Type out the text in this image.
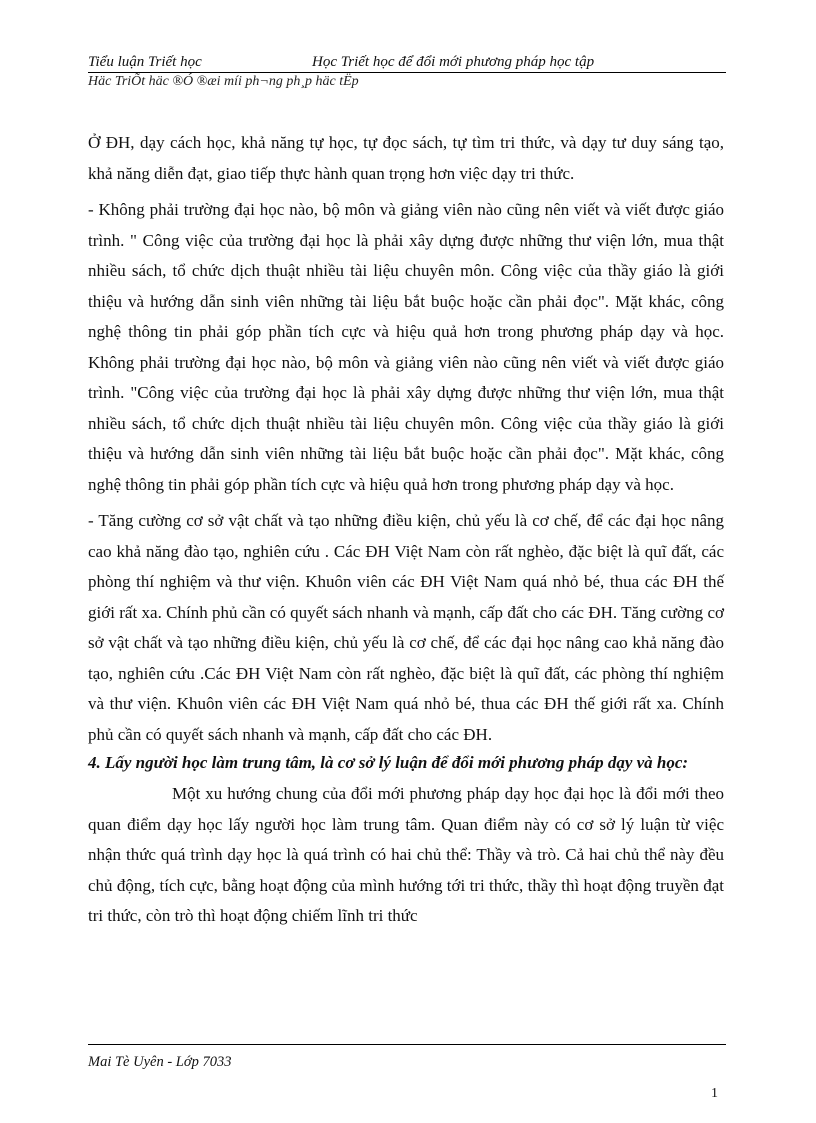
Tiểu luận Triết học	Học Triết học để đổi mới phương pháp học tập
Häc TriÕt häc ®Ó ®æi míi ph¬ng ph¸p häc tËp

Ở ĐH, dạy cách học, khả năng tự học, tự đọc sách, tự tìm tri thức, và dạy tư duy sáng tạo, khả năng diễn đạt, giao tiếp thực hành quan trọng hơn việc dạy tri thức.

- Không phải trường đại học nào, bộ môn và giảng viên nào cũng nên viết và viết được giáo trình. " Công việc của trường đại học là phải xây dựng được những thư viện lớn, mua thật nhiều sách, tổ chức dịch thuật nhiều tài liệu chuyên môn. Công việc của thầy giáo là giới thiệu và hướng dẫn sinh viên những tài liệu bắt buộc hoặc cần phải đọc". Mặt khác, công nghệ thông tin phải góp phần tích cực và hiệu quả hơn trong phương pháp dạy và học. Không phải trường đại học nào, bộ môn và giảng viên nào cũng nên viết và viết được giáo trình. "Công việc của trường đại học là phải xây dựng được những thư viện lớn, mua thật nhiều sách, tổ chức dịch thuật nhiều tài liệu chuyên môn. Công việc của thầy giáo là giới thiệu và hướng dẫn sinh viên những tài liệu bắt buộc hoặc cần phải đọc". Mặt khác, công nghệ thông tin phải góp phần tích cực và hiệu quả hơn trong phương pháp dạy và học.

- Tăng cường cơ sở vật chất và tạo những điều kiện, chủ yếu là cơ chế, để các đại học nâng cao khả năng đào tạo, nghiên cứu . Các ĐH Việt Nam còn rất nghèo, đặc biệt là quĩ đất, các phòng thí nghiệm và thư viện. Khuôn viên các ĐH Việt Nam quá nhỏ bé, thua các ĐH thế giới rất xa. Chính phủ cần có quyết sách nhanh và mạnh, cấp đất cho các ĐH. Tăng cường cơ sở vật chất và tạo những điều kiện, chủ yếu là cơ chế, để các đại học nâng cao khả năng đào tạo, nghiên cứu .Các ĐH Việt Nam còn rất nghèo, đặc biệt là quĩ đất, các phòng thí nghiệm và thư viện. Khuôn viên các ĐH Việt Nam quá nhỏ bé, thua các ĐH thế giới rất xa. Chính phủ cần có quyết sách nhanh và mạnh, cấp đất cho các ĐH.

4. Lấy người học làm trung tâm, là cơ sở lý luận để đổi mới phương pháp dạy và học:

Một xu hướng chung của đổi mới phương pháp dạy học đại học là đổi mới theo quan điểm dạy học lấy người học làm trung tâm. Quan điểm này có cơ sở lý luận từ việc nhận thức quá trình dạy học là quá trình có hai chủ thể: Thầy và trò. Cả hai chủ thể này đều chủ động, tích cực, bằng hoạt động của mình hướng tới tri thức, thầy thì hoạt động truyền đạt tri thức, còn trò thì hoạt động chiếm lĩnh tri thức

Mai Tè Uyên - Lớp 7033
1
